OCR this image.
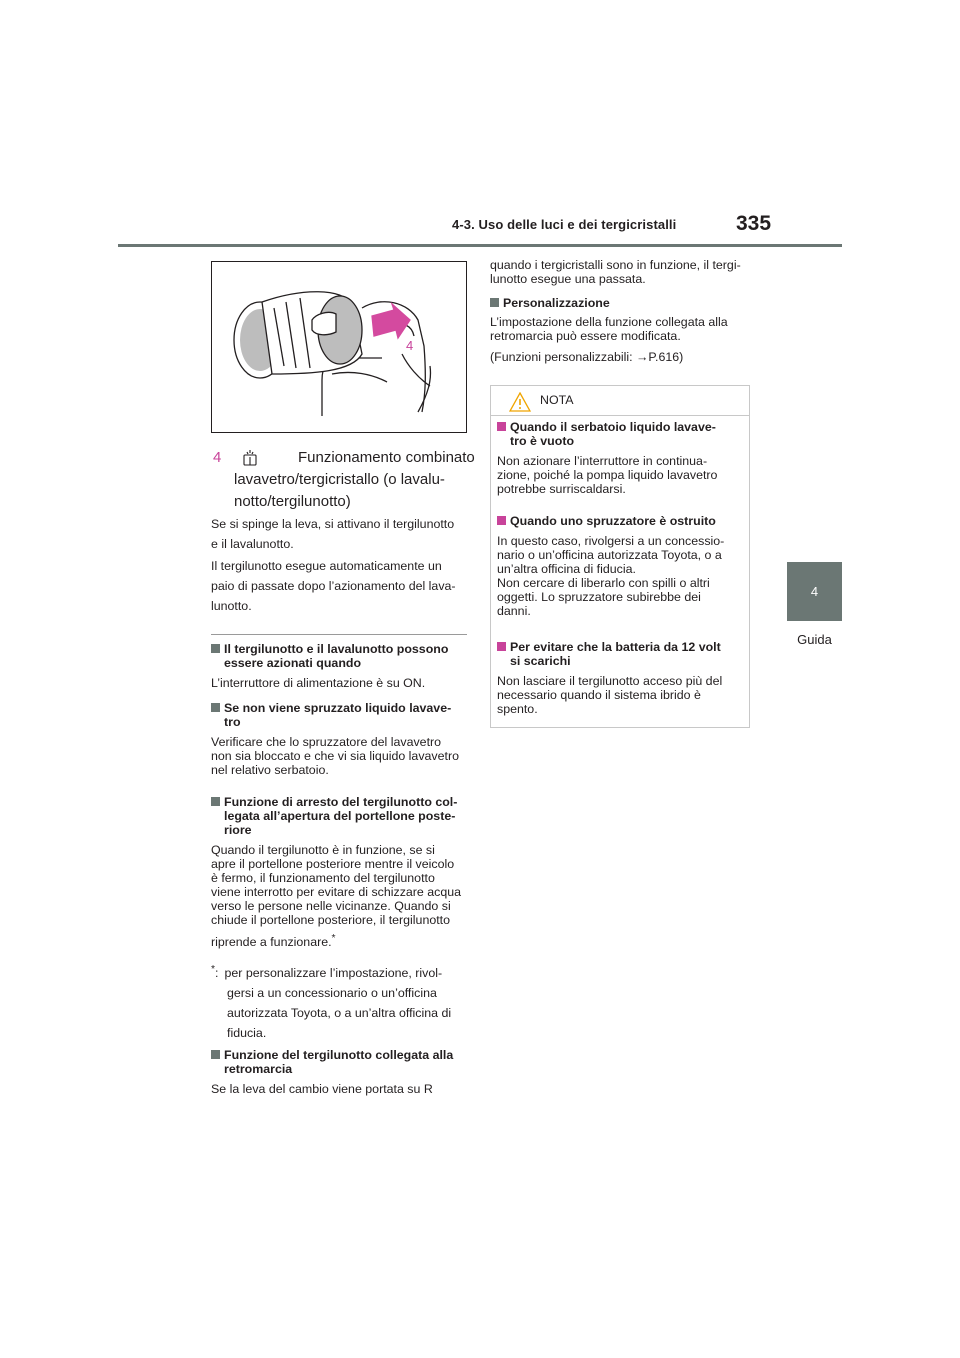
4-3. Uso delle luci e dei tergicristalli	335
4
Guida
4
4	Funzionamento combinato
lavavetro/tergicristallo (o lavalu-
notto/tergilunotto)
Se si spinge la leva, si attivano il tergilunotto
e il lavalunotto.
Il tergilunotto esegue automaticamente un
paio di passate dopo l’azionamento del lava-
lunotto.
Il tergilunotto e il lavalunotto possono
essere azionati quando
L’interruttore di alimentazione è su ON.
Se non viene spruzzato liquido lavave-
tro
Verificare che lo spruzzatore del lavavetro
non sia bloccato e che vi sia liquido lavavetro
nel relativo serbatoio.
Funzione di arresto del tergilunotto col-
legata all’apertura del portellone poste-
riore
Quando il tergilunotto è in funzione, se si
apre il portellone posteriore mentre il veicolo
è fermo, il funzionamento del tergilunotto
viene interrotto per evitare di schizzare acqua
verso le persone nelle vicinanze. Quando si
chiude il portellone posteriore, il tergilunotto
riprende a funzionare.*
*: per personalizzare l’impostazione, rivol-
gersi a un concessionario o un’officina
autorizzata Toyota, o a un’altra officina di
fiducia.
Funzione del tergilunotto collegata alla
retromarcia
Se la leva del cambio viene portata su R
quando i tergicristalli sono in funzione, il tergi-
lunotto esegue una passata.
Personalizzazione
L’impostazione della funzione collegata alla
retromarcia può essere modificata.
(Funzioni personalizzabili: →P.616)
NOTA
Quando il serbatoio liquido lavave-
tro è vuoto
Non azionare l’interruttore in continua-
zione, poiché la pompa liquido lavavetro
potrebbe surriscaldarsi.
Quando uno spruzzatore è ostruito
In questo caso, rivolgersi a un concessio-
nario o un’officina autorizzata Toyota, o a
un’altra officina di fiducia.
Non cercare di liberarlo con spilli o altri
oggetti. Lo spruzzatore subirebbe dei
danni.
Per evitare che la batteria da 12 volt
si scarichi
Non lasciare il tergilunotto acceso più del
necessario quando il sistema ibrido è
spento.
